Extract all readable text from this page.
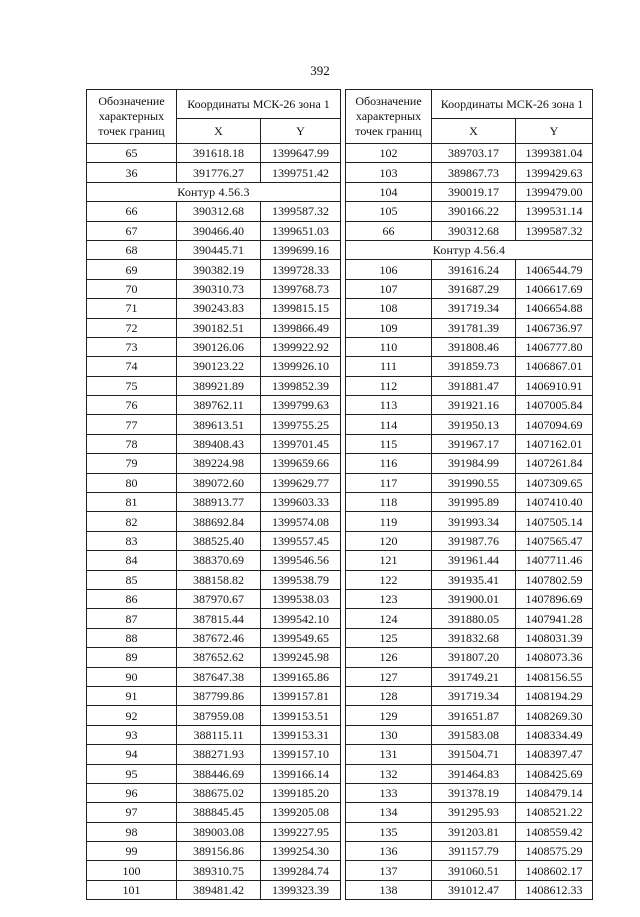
392
Обозначение характерных точек границ	Координаты МСК-26 зона 1	
	X	Y
65	391618.18	1399647.99
36	391776.27	1399751.42
Контур 4.56.3		
66	390312.68	1399587.32
67	390466.40	1399651.03
68	390445.71	1399699.16
69	390382.19	1399728.33
70	390310.73	1399768.73
71	390243.83	1399815.15
72	390182.51	1399866.49
73	390126.06	1399922.92
74	390123.22	1399926.10
75	389921.89	1399852.39
76	389762.11	1399799.63
77	389613.51	1399755.25
78	389408.43	1399701.45
79	389224.98	1399659.66
80	389072.60	1399629.77
81	388913.77	1399603.33
82	388692.84	1399574.08
83	388525.40	1399557.45
84	388370.69	1399546.56
85	388158.82	1399538.79
86	387970.67	1399538.03
87	387815.44	1399542.10
88	387672.46	1399549.65
89	387652.62	1399245.98
90	387647.38	1399165.86
91	387799.86	1399157.81
92	387959.08	1399153.51
93	388115.11	1399153.31
94	388271.93	1399157.10
95	388446.69	1399166.14
96	388675.02	1399185.20
97	388845.45	1399205.08
98	389003.08	1399227.95
99	389156.86	1399254.30
100	389310.75	1399284.74
101	389481.42	1399323.39
Обозначение характерных точек границ	Координаты МСК-26 зона 1	
	X	Y
102	389703.17	1399381.04
103	389867.73	1399429.63
104	390019.17	1399479.00
105	390166.22	1399531.14
66	390312.68	1399587.32
Контур 4.56.4		
106	391616.24	1406544.79
107	391687.29	1406617.69
108	391719.34	1406654.88
109	391781.39	1406736.97
110	391808.46	1406777.80
111	391859.73	1406867.01
112	391881.47	1406910.91
113	391921.16	1407005.84
114	391950.13	1407094.69
115	391967.17	1407162.01
116	391984.99	1407261.84
117	391990.55	1407309.65
118	391995.89	1407410.40
119	391993.34	1407505.14
120	391987.76	1407565.47
121	391961.44	1407711.46
122	391935.41	1407802.59
123	391900.01	1407896.69
124	391880.05	1407941.28
125	391832.68	1408031.39
126	391807.20	1408073.36
127	391749.21	1408156.55
128	391719.34	1408194.29
129	391651.87	1408269.30
130	391583.08	1408334.49
131	391504.71	1408397.47
132	391464.83	1408425.69
133	391378.19	1408479.14
134	391295.93	1408521.22
135	391203.81	1408559.42
136	391157.79	1408575.29
137	391060.51	1408602.17
138	391012.47	1408612.33
